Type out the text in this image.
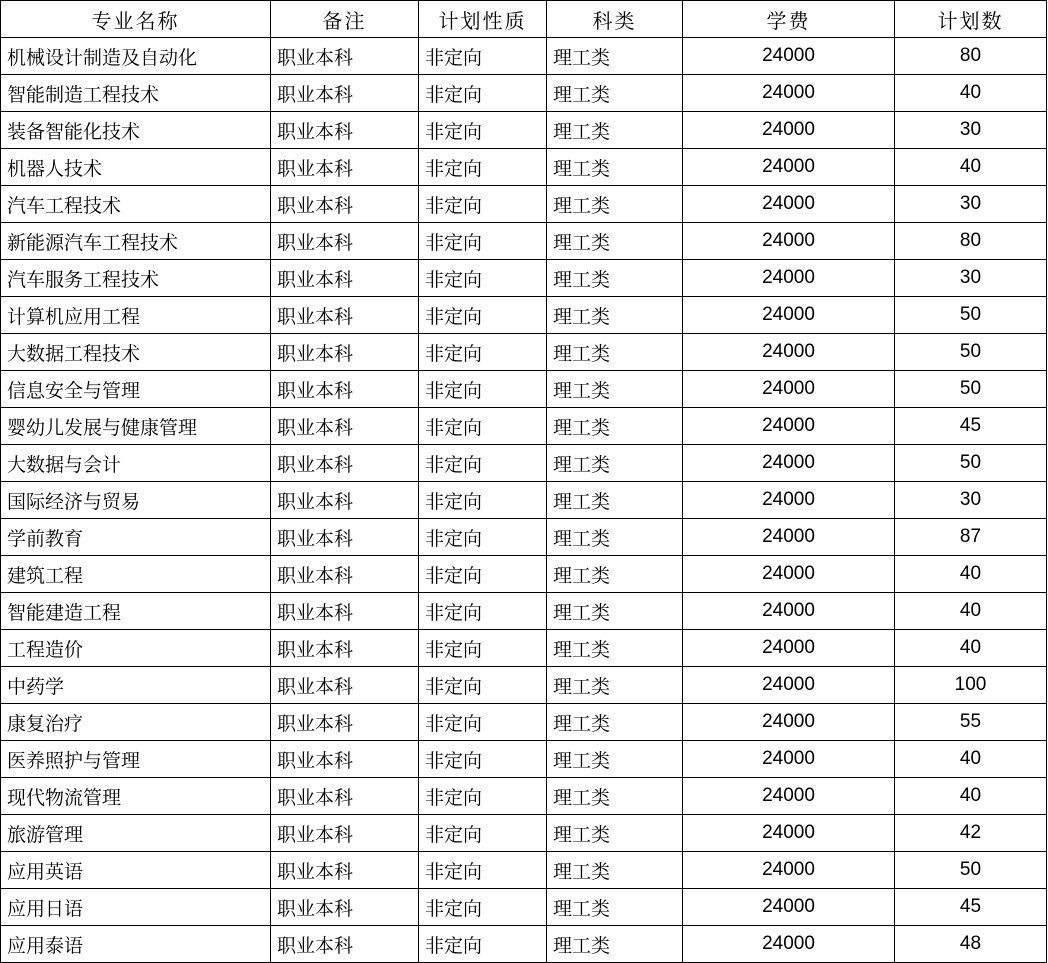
专业名称	备注	计划性质	科类	学费	计划数
机械设计制造及自动化	职业本科	非定向	理工类	24000	80
智能制造工程技术	职业本科	非定向	理工类	24000	40
装备智能化技术	职业本科	非定向	理工类	24000	30
机器人技术	职业本科	非定向	理工类	24000	40
汽车工程技术	职业本科	非定向	理工类	24000	30
新能源汽车工程技术	职业本科	非定向	理工类	24000	80
汽车服务工程技术	职业本科	非定向	理工类	24000	30
计算机应用工程	职业本科	非定向	理工类	24000	50
大数据工程技术	职业本科	非定向	理工类	24000	50
信息安全与管理	职业本科	非定向	理工类	24000	50
婴幼儿发展与健康管理	职业本科	非定向	理工类	24000	45
大数据与会计	职业本科	非定向	理工类	24000	50
国际经济与贸易	职业本科	非定向	理工类	24000	30
学前教育	职业本科	非定向	理工类	24000	87
建筑工程	职业本科	非定向	理工类	24000	40
智能建造工程	职业本科	非定向	理工类	24000	40
工程造价	职业本科	非定向	理工类	24000	40
中药学	职业本科	非定向	理工类	24000	100
康复治疗	职业本科	非定向	理工类	24000	55
医养照护与管理	职业本科	非定向	理工类	24000	40
现代物流管理	职业本科	非定向	理工类	24000	40
旅游管理	职业本科	非定向	理工类	24000	42
应用英语	职业本科	非定向	理工类	24000	50
应用日语	职业本科	非定向	理工类	24000	45
应用泰语	职业本科	非定向	理工类	24000	48
